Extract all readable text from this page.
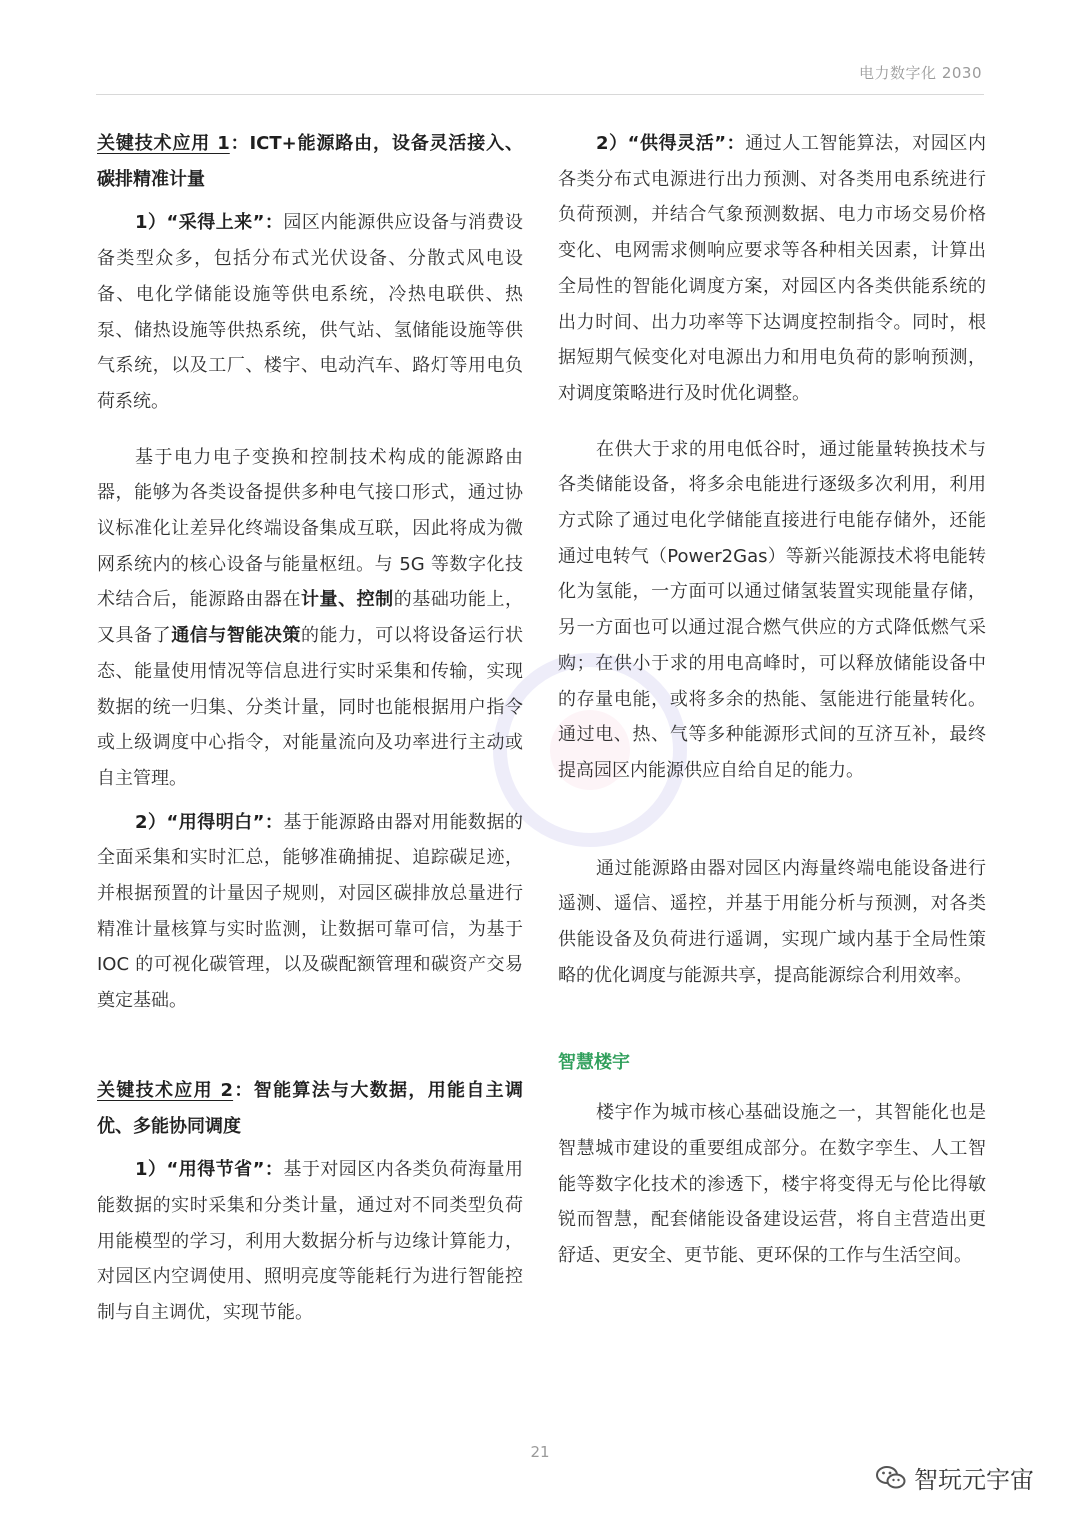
电力数字化 2030

关键技术应用 1：ICT+能源路由，设备灵活接入、碳排精准计量

1）“采得上来”：园区内能源供应设备与消费设备类型众多，包括分布式光伏设备、分散式风电设备、电化学储能设施等供电系统，冷热电联供、热泵、储热设施等供热系统，供气站、氢储能设施等供气系统，以及工厂、楼宇、电动汽车、路灯等用电负荷系统。

基于电力电子变换和控制技术构成的能源路由器，能够为各类设备提供多种电气接口形式，通过协议标准化让差异化终端设备集成互联，因此将成为微网系统内的核心设备与能量枢纽。与 5G 等数字化技术结合后，能源路由器在计量、控制的基础功能上，又具备了通信与智能决策的能力，可以将设备运行状态、能量使用情况等信息进行实时采集和传输，实现数据的统一归集、分类计量，同时也能根据用户指令或上级调度中心指令，对能量流向及功率进行主动或自主管理。

2）“用得明白”：基于能源路由器对用能数据的全面采集和实时汇总，能够准确捕捉、追踪碳足迹，并根据预置的计量因子规则，对园区碳排放总量进行精准计量核算与实时监测，让数据可靠可信，为基于 IOC 的可视化碳管理，以及碳配额管理和碳资产交易奠定基础。

关键技术应用 2：智能算法与大数据，用能自主调优、多能协同调度

1）“用得节省”：基于对园区内各类负荷海量用能数据的实时采集和分类计量，通过对不同类型负荷用能模型的学习，利用大数据分析与边缘计算能力，对园区内空调使用、照明亮度等能耗行为进行智能控制与自主调优，实现节能。

2）“供得灵活”：通过人工智能算法，对园区内各类分布式电源进行出力预测、对各类用电系统进行负荷预测，并结合气象预测数据、电力市场交易价格变化、电网需求侧响应要求等各种相关因素，计算出全局性的智能化调度方案，对园区内各类供能系统的出力时间、出力功率等下达调度控制指令。同时，根据短期气候变化对电源出力和用电负荷的影响预测，对调度策略进行及时优化调整。

在供大于求的用电低谷时，通过能量转换技术与各类储能设备，将多余电能进行逐级多次利用，利用方式除了通过电化学储能直接进行电能存储外，还能通过电转气（Power2Gas）等新兴能源技术将电能转化为氢能，一方面可以通过储氢装置实现能量存储，另一方面也可以通过混合燃气供应的方式降低燃气采购；在供小于求的用电高峰时，可以释放储能设备中的存量电能，或将多余的热能、氢能进行能量转化。通过电、热、气等多种能源形式间的互济互补，最终提高园区内能源供应自给自足的能力。

通过能源路由器对园区内海量终端电能设备进行遥测、遥信、遥控，并基于用能分析与预测，对各类供能设备及负荷进行遥调，实现广域内基于全局性策略的优化调度与能源共享，提高能源综合利用效率。

智慧楼宇

楼宇作为城市核心基础设施之一，其智能化也是智慧城市建设的重要组成部分。在数字孪生、人工智能等数字化技术的渗透下，楼宇将变得无与伦比得敏锐而智慧，配套储能设备建设运营，将自主营造出更舒适、更安全、更节能、更环保的工作与生活空间。

21
智玩元宇宙
